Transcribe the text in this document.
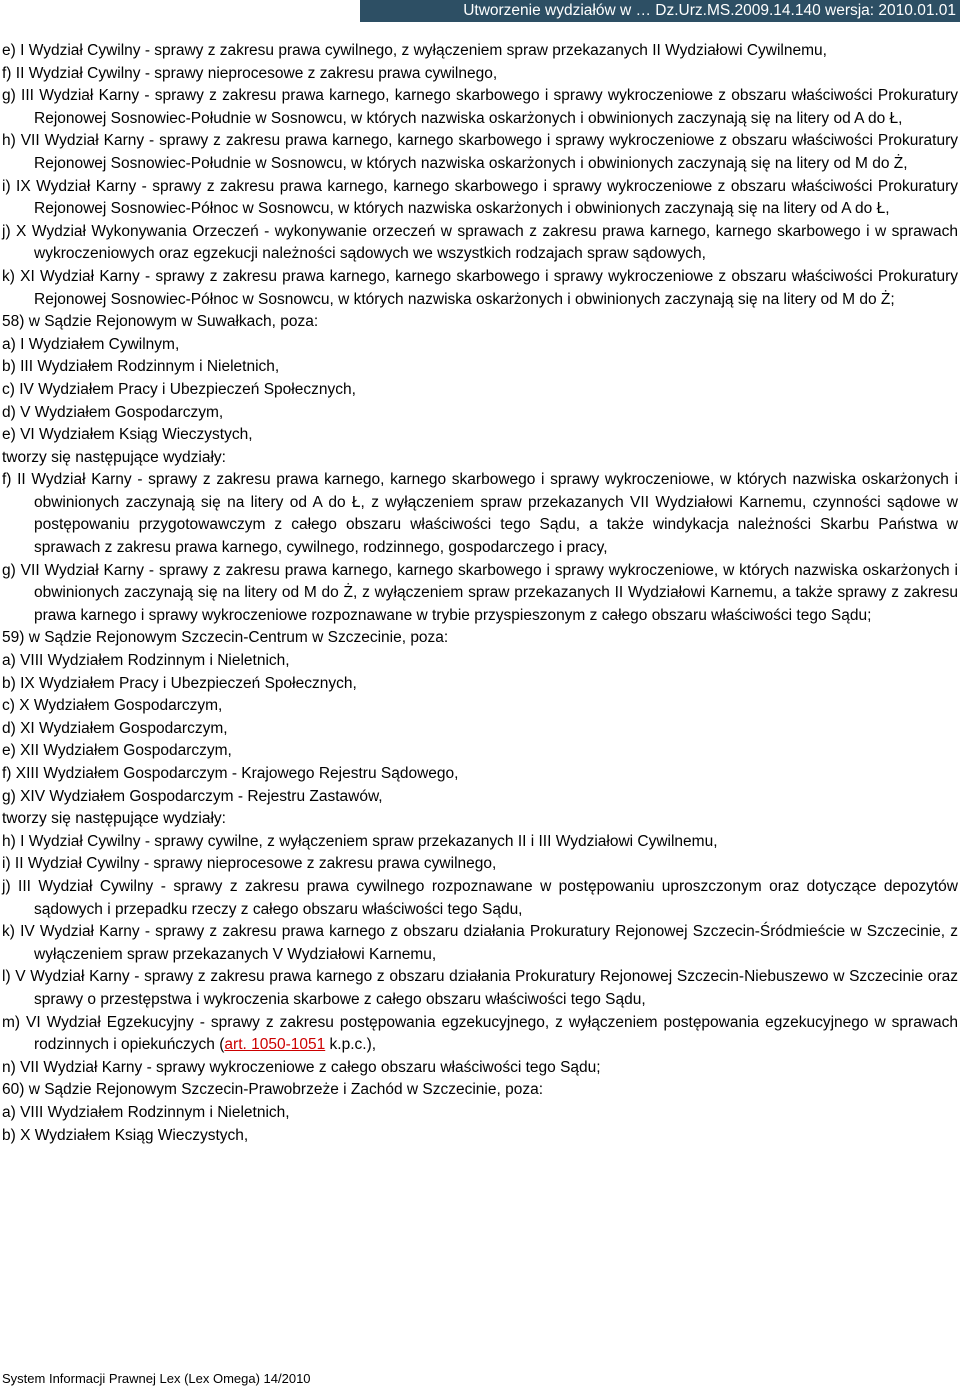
Utworzenie wydziałów w … Dz.Urz.MS.2009.14.140 wersja: 2010.01.01
e) I Wydział Cywilny - sprawy z zakresu prawa cywilnego, z wyłączeniem spraw przekazanych II Wydziałowi Cywilnemu,
f) II Wydział Cywilny - sprawy nieprocesowe z zakresu prawa cywilnego,
g) III Wydział Karny - sprawy z zakresu prawa karnego, karnego skarbowego i sprawy wykroczeniowe z obszaru właściwości Prokuratury Rejonowej Sosnowiec-Południe w Sosnowcu, w których nazwiska oskarżonych i obwinionych zaczynają się na litery od A do Ł,
h) VII Wydział Karny - sprawy z zakresu prawa karnego, karnego skarbowego i sprawy wykroczeniowe z obszaru właściwości Prokuratury Rejonowej Sosnowiec-Południe w Sosnowcu, w których nazwiska oskarżonych i obwinionych zaczynają się na litery od M do Ż,
i) IX Wydział Karny - sprawy z zakresu prawa karnego, karnego skarbowego i sprawy wykroczeniowe z obszaru właściwości Prokuratury Rejonowej Sosnowiec-Północ w Sosnowcu, w których nazwiska oskarżonych i obwinionych zaczynają się na litery od A do Ł,
j) X Wydział Wykonywania Orzeczeń - wykonywanie orzeczeń w sprawach z zakresu prawa karnego, karnego skarbowego i w sprawach wykroczeniowych oraz egzekucji należności sądowych we wszystkich rodzajach spraw sądowych,
k) XI Wydział Karny - sprawy z zakresu prawa karnego, karnego skarbowego i sprawy wykroczeniowe z obszaru właściwości Prokuratury Rejonowej Sosnowiec-Północ w Sosnowcu, w których nazwiska oskarżonych i obwinionych zaczynają się na litery od M do Ż;
58) w Sądzie Rejonowym w Suwałkach, poza:
a) I Wydziałem Cywilnym,
b) III Wydziałem Rodzinnym i Nieletnich,
c) IV Wydziałem Pracy i Ubezpieczeń Społecznych,
d) V Wydziałem Gospodarczym,
e) VI Wydziałem Ksiąg Wieczystych,
tworzy się następujące wydziały:
f) II Wydział Karny - sprawy z zakresu prawa karnego, karnego skarbowego i sprawy wykroczeniowe, w których nazwiska oskarżonych i obwinionych zaczynają się na litery od A do Ł, z wyłączeniem spraw przekazanych VII Wydziałowi Karnemu, czynności sądowe w postępowaniu przygotowawczym z całego obszaru właściwości tego Sądu, a także windykacja należności Skarbu Państwa w sprawach z zakresu prawa karnego, cywilnego, rodzinnego, gospodarczego i pracy,
g) VII Wydział Karny - sprawy z zakresu prawa karnego, karnego skarbowego i sprawy wykroczeniowe, w których nazwiska oskarżonych i obwinionych zaczynają się na litery od M do Ż, z wyłączeniem spraw przekazanych II Wydziałowi Karnemu, a także sprawy z zakresu prawa karnego i sprawy wykroczeniowe rozpoznawane w trybie przyspieszonym z całego obszaru właściwości tego Sądu;
59) w Sądzie Rejonowym Szczecin-Centrum w Szczecinie, poza:
a) VIII Wydziałem Rodzinnym i Nieletnich,
b) IX Wydziałem Pracy i Ubezpieczeń Społecznych,
c) X Wydziałem Gospodarczym,
d) XI Wydziałem Gospodarczym,
e) XII Wydziałem Gospodarczym,
f) XIII Wydziałem Gospodarczym - Krajowego Rejestru Sądowego,
g) XIV Wydziałem Gospodarczym - Rejestru Zastawów,
tworzy się następujące wydziały:
h) I Wydział Cywilny - sprawy cywilne, z wyłączeniem spraw przekazanych II i III Wydziałowi Cywilnemu,
i) II Wydział Cywilny - sprawy nieprocesowe z zakresu prawa cywilnego,
j) III Wydział Cywilny - sprawy z zakresu prawa cywilnego rozpoznawane w postępowaniu uproszczonym oraz dotyczące depozytów sądowych i przepadku rzeczy z całego obszaru właściwości tego Sądu,
k) IV Wydział Karny - sprawy z zakresu prawa karnego z obszaru działania Prokuratury Rejonowej Szczecin-Śródmieście w Szczecinie, z wyłączeniem spraw przekazanych V Wydziałowi Karnemu,
l) V Wydział Karny - sprawy z zakresu prawa karnego z obszaru działania Prokuratury Rejonowej Szczecin-Niebuszewo w Szczecinie oraz sprawy o przestępstwa i wykroczenia skarbowe z całego obszaru właściwości tego Sądu,
m) VI Wydział Egzekucyjny - sprawy z zakresu postępowania egzekucyjnego, z wyłączeniem postępowania egzekucyjnego w sprawach rodzinnych i opiekuńczych (art. 1050-1051 k.p.c.),
n) VII Wydział Karny - sprawy wykroczeniowe z całego obszaru właściwości tego Sądu;
60) w Sądzie Rejonowym Szczecin-Prawobrzeże i Zachód w Szczecinie, poza:
a) VIII Wydziałem Rodzinnym i Nieletnich,
b) X Wydziałem Ksiąg Wieczystych,
System Informacji Prawnej Lex (Lex Omega) 14/2010
